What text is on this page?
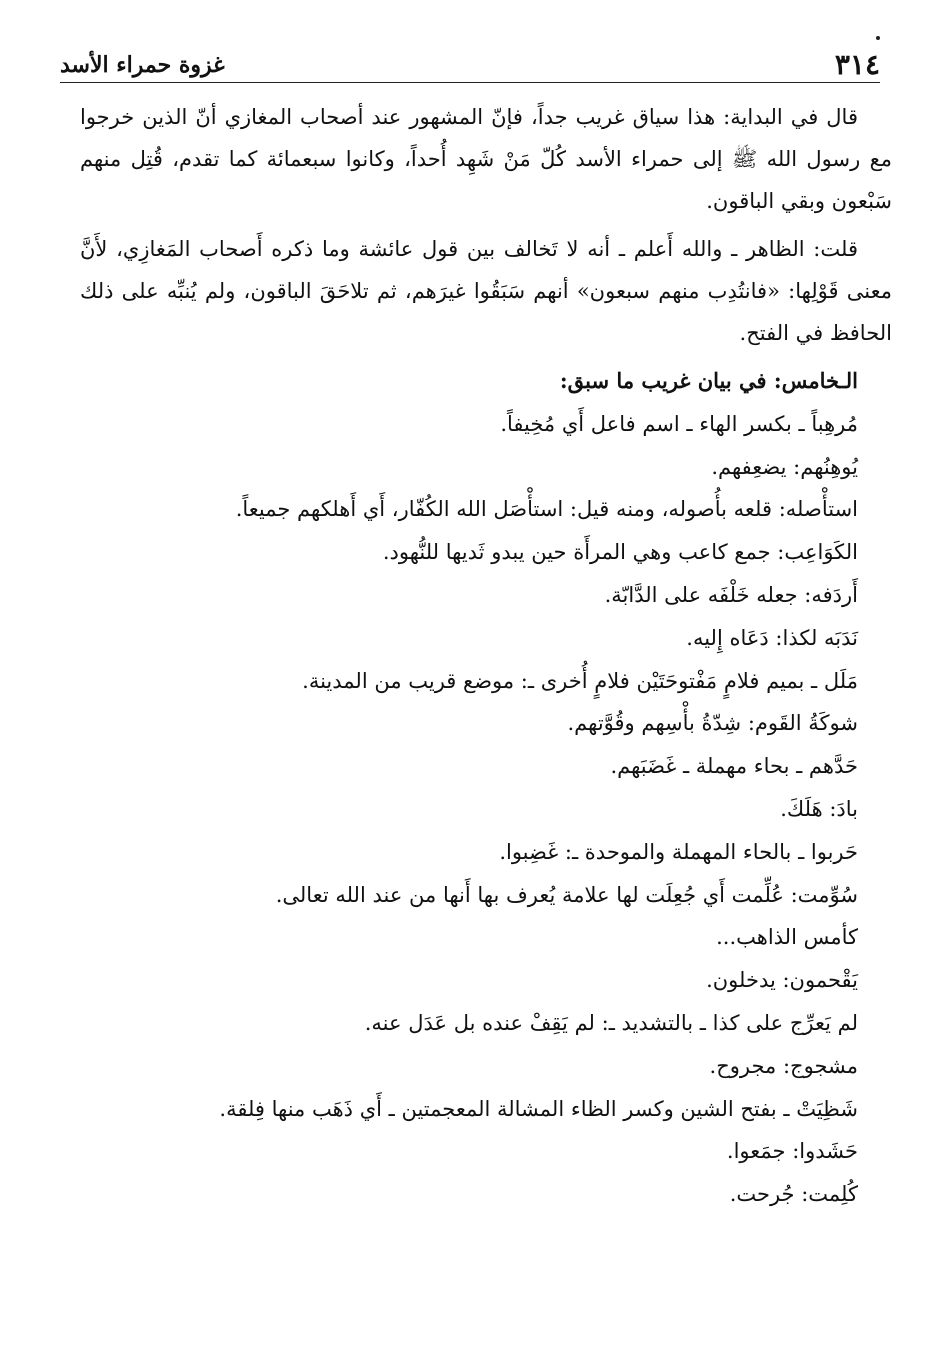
٣١٤
غزوة حمراء الأسد

قال في البداية: هذا سياق غريب جداً، فإنّ المشهور عند أصحاب المغازي أنّ الذين خرجوا مع رسول الله ﷺ إلى حمراء الأسد كُلّ مَنْ شَهِد أُحداً، وكانوا سبعمائة كما تقدم، قُتِل منهم سَبْعون وبقي الباقون.

قلت: الظاهر ـ والله أَعلم ـ أنه لا تَخالف بين قول عائشة وما ذكره أَصحاب المَغازِي، لأَنَّ معنى قَوْلِها: «فانتُدِب منهم سبعون» أنهم سَبَقُوا غيرَهم، ثم تلاحَقَ الباقون، ولم يُنبِّه على ذلك الحافظ في الفتح.

الـخامس: في بيان غريب ما سبق:

مُرهِباً ـ بكسر الهاء ـ اسم فاعل أَي مُخِيفاً.

يُوهِنُهم: يضعِفهم.

استأْصله: قلعه بأُصوله، ومنه قيل: استأْصَل الله الكُفّار، أَي أَهلكهم جميعاً.

الكَوَاعِب: جمع كاعب وهي المرأَة حين يبدو ثَديها للنُّهود.

أَردَفه: جعله خَلْفَه على الدَّابّة.

نَدَبَه لكذا: دَعَاه إِليه.

مَلَل ـ بميم فلامٍ مَفْتوحَتَيْن فلامٍ أُخرى ـ: موضع قريب من المدينة.

شوكَةُ القَوم: شِدّةُ بأْسِهم وقُوَّتهم.

حَدَّهم ـ بحاء مهملة ـ غَضَبَهم.

بادَ: هَلَكَ.

حَربوا ـ بالحاء المهملة والموحدة ـ: غَضِبوا.

سُوِّمت: عُلِّمت أَي جُعِلَت لها علامة يُعرف بها أَنها من عند الله تعالى.

كأمس الذاهب...

يَقْحمون: يدخلون.

لم يَعرِّج على كذا ـ بالتشديد ـ: لم يَقِفْ عنده بل عَدَل عنه.

مشجوج: مجروح.

شَظِيَتْ ـ بفتح الشين وكسر الظاء المشالة المعجمتين ـ أَي ذَهَب منها فِلقة.

حَشَدوا: جمَعوا.

كُلِمت: جُرحت.
